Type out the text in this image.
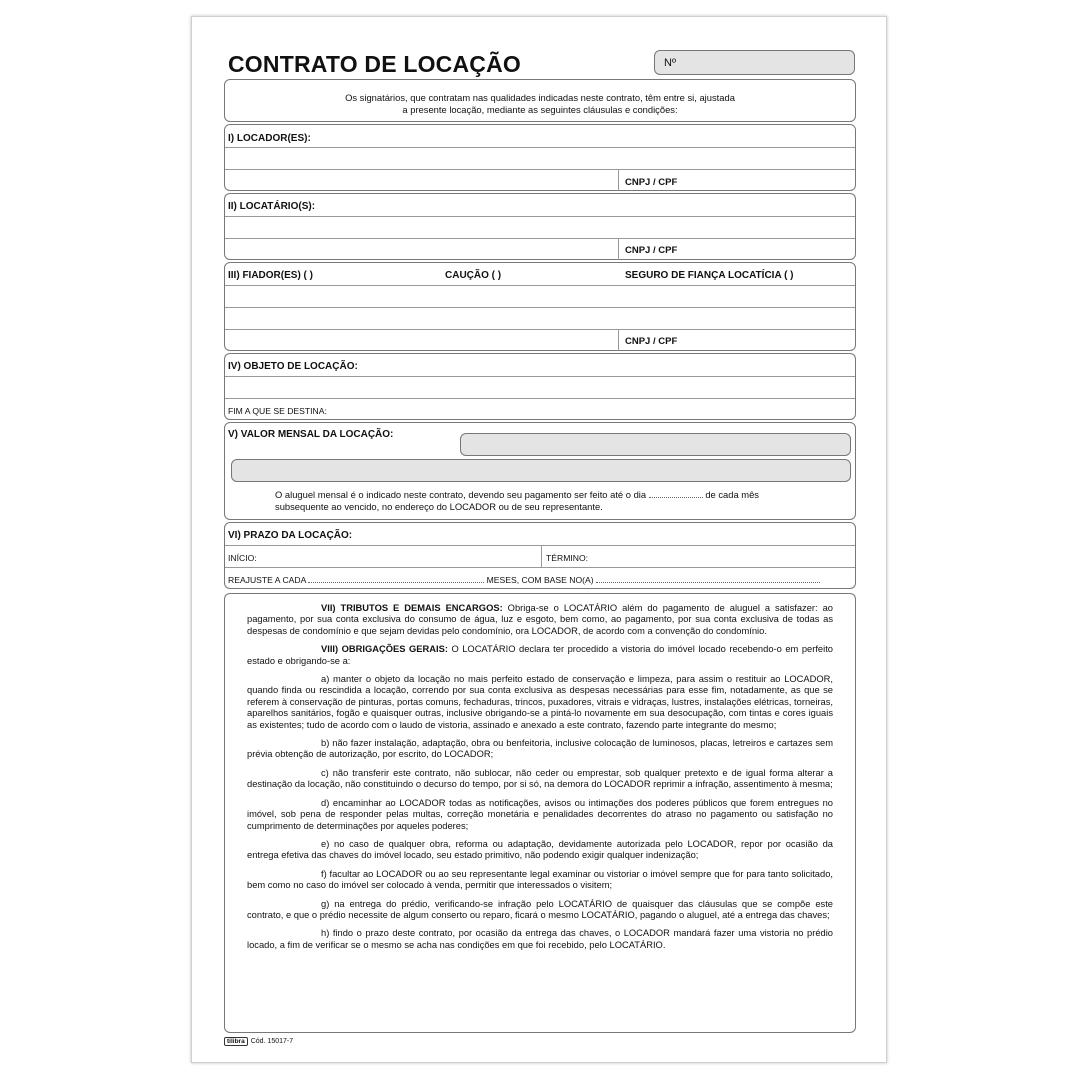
CONTRATO DE LOCAÇÃO	Nº
Os signatários, que contratam nas qualidades indicadas neste contrato, têm entre si, ajustada
a presente locação, mediante as seguintes cláusulas e condições:
I) LOCADOR(ES):
CNPJ / CPF
II) LOCATÁRIO(S):
CNPJ / CPF
III) FIADOR(ES) ( )	CAUÇÃO ( )	SEGURO DE FIANÇA LOCATÍCIA ( )
CNPJ / CPF
IV) OBJETO DE LOCAÇÃO:
FIM A QUE SE DESTINA:
V) VALOR MENSAL DA LOCAÇÃO:
O aluguel mensal é o indicado neste contrato, devendo seu pagamento ser feito até o dia	de cada mês
subsequente ao vencido, no endereço do LOCADOR ou de seu representante.
VI) PRAZO DA LOCAÇÃO:
INÍCIO:	TÉRMINO:
REAJUSTE A CADA	MESES, COM BASE NO(A)

VII) TRIBUTOS E DEMAIS ENCARGOS: Obriga-se o LOCATÁRIO além do pagamento de aluguel a satisfazer: ao pagamento, por sua conta exclusiva do consumo de água, luz e esgoto, bem como, ao pagamento, por sua conta exclusiva de todas as despesas de condomínio e que sejam devidas pelo condomínio, ora LOCADOR, de acordo com a convenção do condomínio.

VIII) OBRIGAÇÕES GERAIS: O LOCATÁRIO declara ter procedido a vistoria do imóvel locado recebendo-o em perfeito estado e obrigando-se a:

a) manter o objeto da locação no mais perfeito estado de conservação e limpeza, para assim o restituir ao LOCADOR, quando finda ou rescindida a locação, correndo por sua conta exclusiva as despesas necessárias para esse fim, notadamente, as que se referem à conservação de pinturas, portas comuns, fechaduras, trincos, puxadores, vitrais e vidraças, lustres, instalações elétricas, torneiras, aparelhos sanitários, fogão e quaisquer outras, inclusive obrigando-se a pintá-lo novamente em sua desocupação, com tintas e cores iguais as existentes; tudo de acordo com o laudo de vistoria, assinado e anexado a este contrato, fazendo parte integrante do mesmo;

b) não fazer instalação, adaptação, obra ou benfeitoria, inclusive colocação de luminosos, placas, letreiros e cartazes sem prévia obtenção de autorização, por escrito, do LOCADOR;

c) não transferir este contrato, não sublocar, não ceder ou emprestar, sob qualquer pretexto e de igual forma alterar a destinação da locação, não constituindo o decurso do tempo, por si só, na demora do LOCADOR reprimir a infração, assentimento à mesma;

d) encaminhar ao LOCADOR todas as notificações, avisos ou intimações dos poderes públicos que forem entregues no imóvel, sob pena de responder pelas multas, correção monetária e penalidades decorrentes do atraso no pagamento ou satisfação no cumprimento de determinações por aqueles poderes;

e) no caso de qualquer obra, reforma ou adaptação, devidamente autorizada pelo LOCADOR, repor por ocasião da entrega efetiva das chaves do imóvel locado, seu estado primitivo, não podendo exigir qualquer indenização;

f) facultar ao LOCADOR ou ao seu representante legal examinar ou vistoriar o imóvel sempre que for para tanto solicitado, bem como no caso do imóvel ser colocado à venda, permitir que interessados o visitem;

g) na entrega do prédio, verificando-se infração pelo LOCATÁRIO de quaisquer das cláusulas que se compõe este contrato, e que o prédio necessite de algum conserto ou reparo, ficará o mesmo LOCATÁRIO, pagando o aluguel, até a entrega das chaves;

h) findo o prazo deste contrato, por ocasião da entrega das chaves, o LOCADOR mandará fazer uma vistoria no prédio locado, a fim de verificar se o mesmo se acha nas condições em que foi recebido, pelo LOCATÁRIO.

tilibra Cód. 15017-7
